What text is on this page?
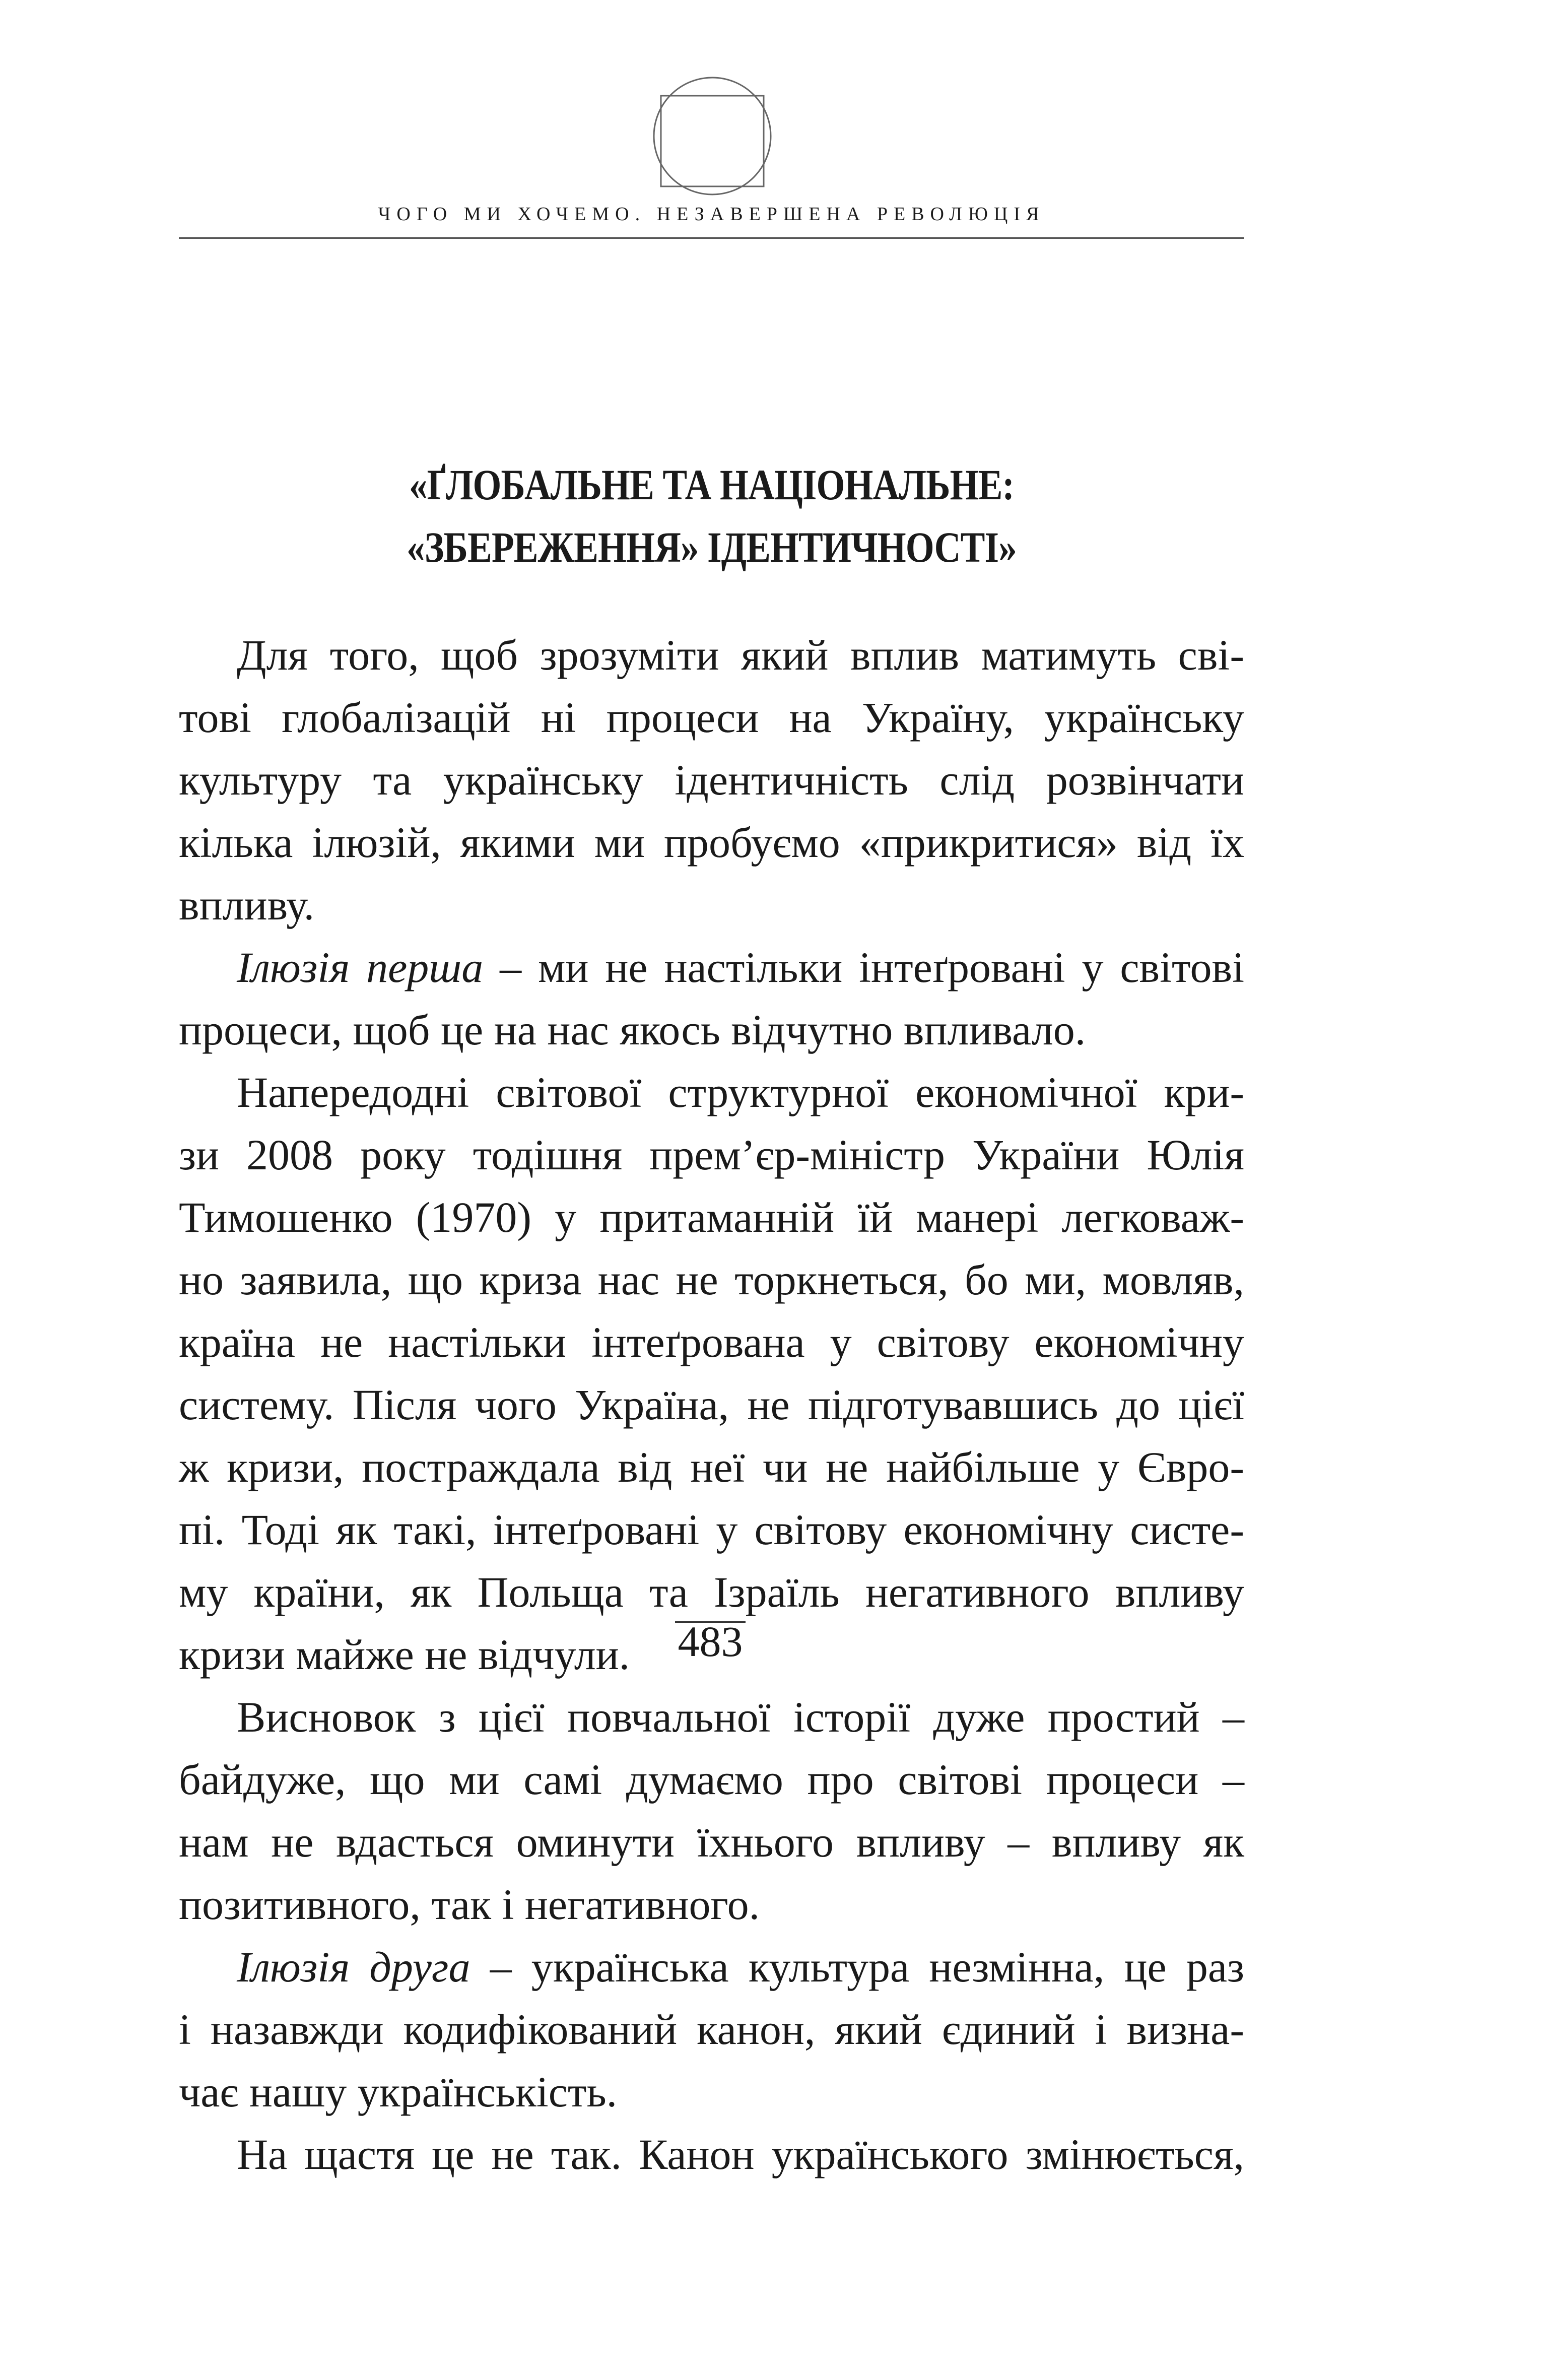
ЧОГО МИ ХОЧЕМО. НЕЗАВЕРШЕНА РЕВОЛЮЦІЯ
«ҐЛОБАЛЬНЕ ТА НАЦІОНАЛЬНЕ:
«ЗБЕРЕЖЕННЯ» ІДЕНТИЧНОСТІ»
Для того, щоб зрозуміти який вплив матимуть сві-
тові глобалізацій ні процеси на Україну, українську
культуру та українську ідентичність слід розвінчати
кілька ілюзій, якими ми пробуємо «прикритися» від їх
впливу.
Ілюзія перша – ми не настільки інтеґровані у світові
процеси, щоб це на нас якось відчутно впливало.
Напередодні світової структурної економічної кри-
зи 2008 року тодішня прем’єр-міністр України Юлія
Тимошенко (1970) у притаманній їй манері легковаж-
но заявила, що криза нас не торкнеться, бо ми, мовляв,
країна не настільки інтеґрована у світову економічну
систему. Після чого Україна, не підготувавшись до цієї
ж кризи, постраждала від неї чи не найбільше у Євро-
пі. Тоді як такі, інтеґровані у світову економічну систе-
му країни, як Польща та Ізраїль негативного впливу
кризи майже не відчули.
Висновок з цієї повчальної історії дуже простий –
байдуже, що ми самі думаємо про світові процеси –
нам не вдасться оминути їхнього впливу – впливу як
позитивного, так і негативного.
Ілюзія друга – українська культура незмінна, це раз
і назавжди кодифікований канон, який єдиний і визна-
чає нашу українськість.
На щастя це не так. Канон українського змінюється,
483
